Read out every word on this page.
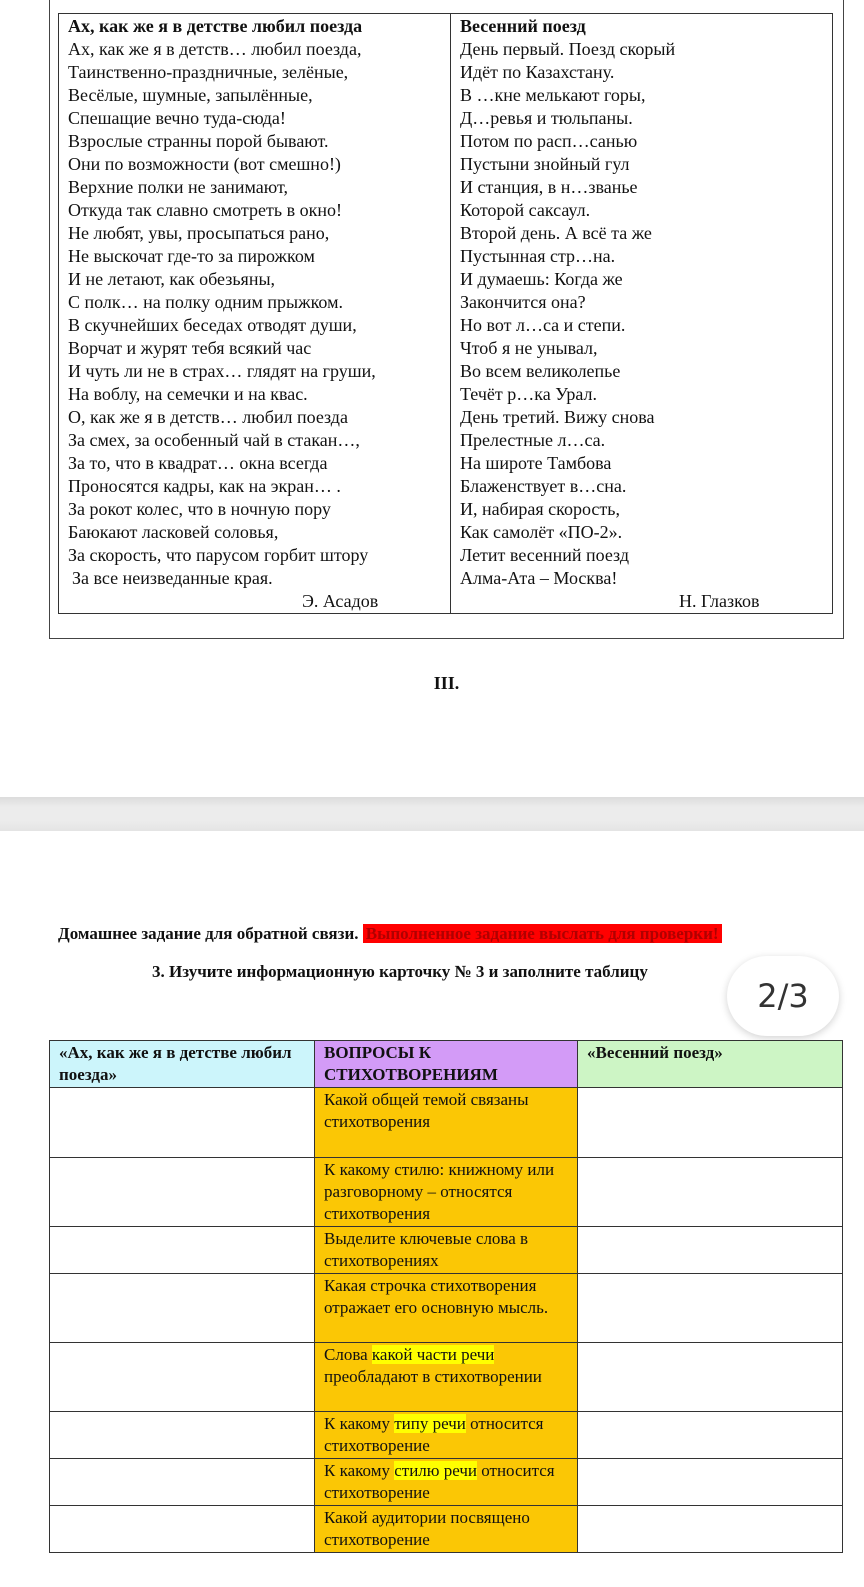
Ах, как же я в детстве любил поезда
Ах, как же я в детств… любил поезда,
Таинственно-праздничные, зелёные,
Весёлые, шумные, запылённые,
Спешащие вечно туда-сюда!
Взрослые странны порой бывают.
Они по возможности (вот смешно!)
Верхние полки не занимают,
Откуда так славно смотреть в окно!
Не любят, увы, просыпаться рано,
Не выскочат где-то за пирожком
И не летают, как обезьяны,
С полк… на полку одним прыжком.
В скучнейших беседах отводят души,
Ворчат и журят тебя всякий час
И чуть ли не в страх… глядят на груши,
На воблу, на семечки и на квас.
О, как же я в детств… любил поезда
За смех, за особенный чай в стакан…,
За то, что в квадрат… окна всегда
Проносятся кадры, как на экран… .
За рокот колес, что в ночную пору
Баюкают ласковей соловья,
За скорость, что парусом горбит штору
За все неизведанные края.
Э. Асадов
Весенний поезд
День первый. Поезд скорый
Идёт по Казахстану.
В …кне мелькают горы,
Д…ревья и тюльпаны.
Потом по расп…санью
Пустыни знойный гул
И станция, в н…званье
Которой саксаул.
Второй день. А всё та же
Пустынная стр…на.
И думаешь: Когда же
Закончится она?
Но вот л…са и степи.
Чтоб я не унывал,
Во всем великолепье
Течёт р…ка Урал.
День третий. Вижу снова
Прелестные л…са.
На широте Тамбова
Блаженствует в…сна.
И, набирая скорость,
Как самолёт «ПО-2».
Летит весенний поезд
Алма-Ата – Москва!
Н. Глазков
III.
Домашнее задание для обратной связи. Выполненное задание выслать для проверки!
3. Изучите информационную карточку № 3 и заполните таблицу
2/3
«Ах, как же я в детстве любил поезда»	ВОПРОСЫ К СТИХОТВОРЕНИЯМ	«Весенний поезд»
	Какой общей темой связаны стихотворения	
	К какому стилю: книжному или разговорному – относятся стихотворения	
	Выделите ключевые слова в стихотворениях	
	Какая строчка стихотворения отражает его основную мысль.	
	Слова какой части речи преобладают в стихотворении	
	К какому типу речи относится стихотворение	
	К какому стилю речи относится стихотворение	
	Какой аудитории посвящено стихотворение	
